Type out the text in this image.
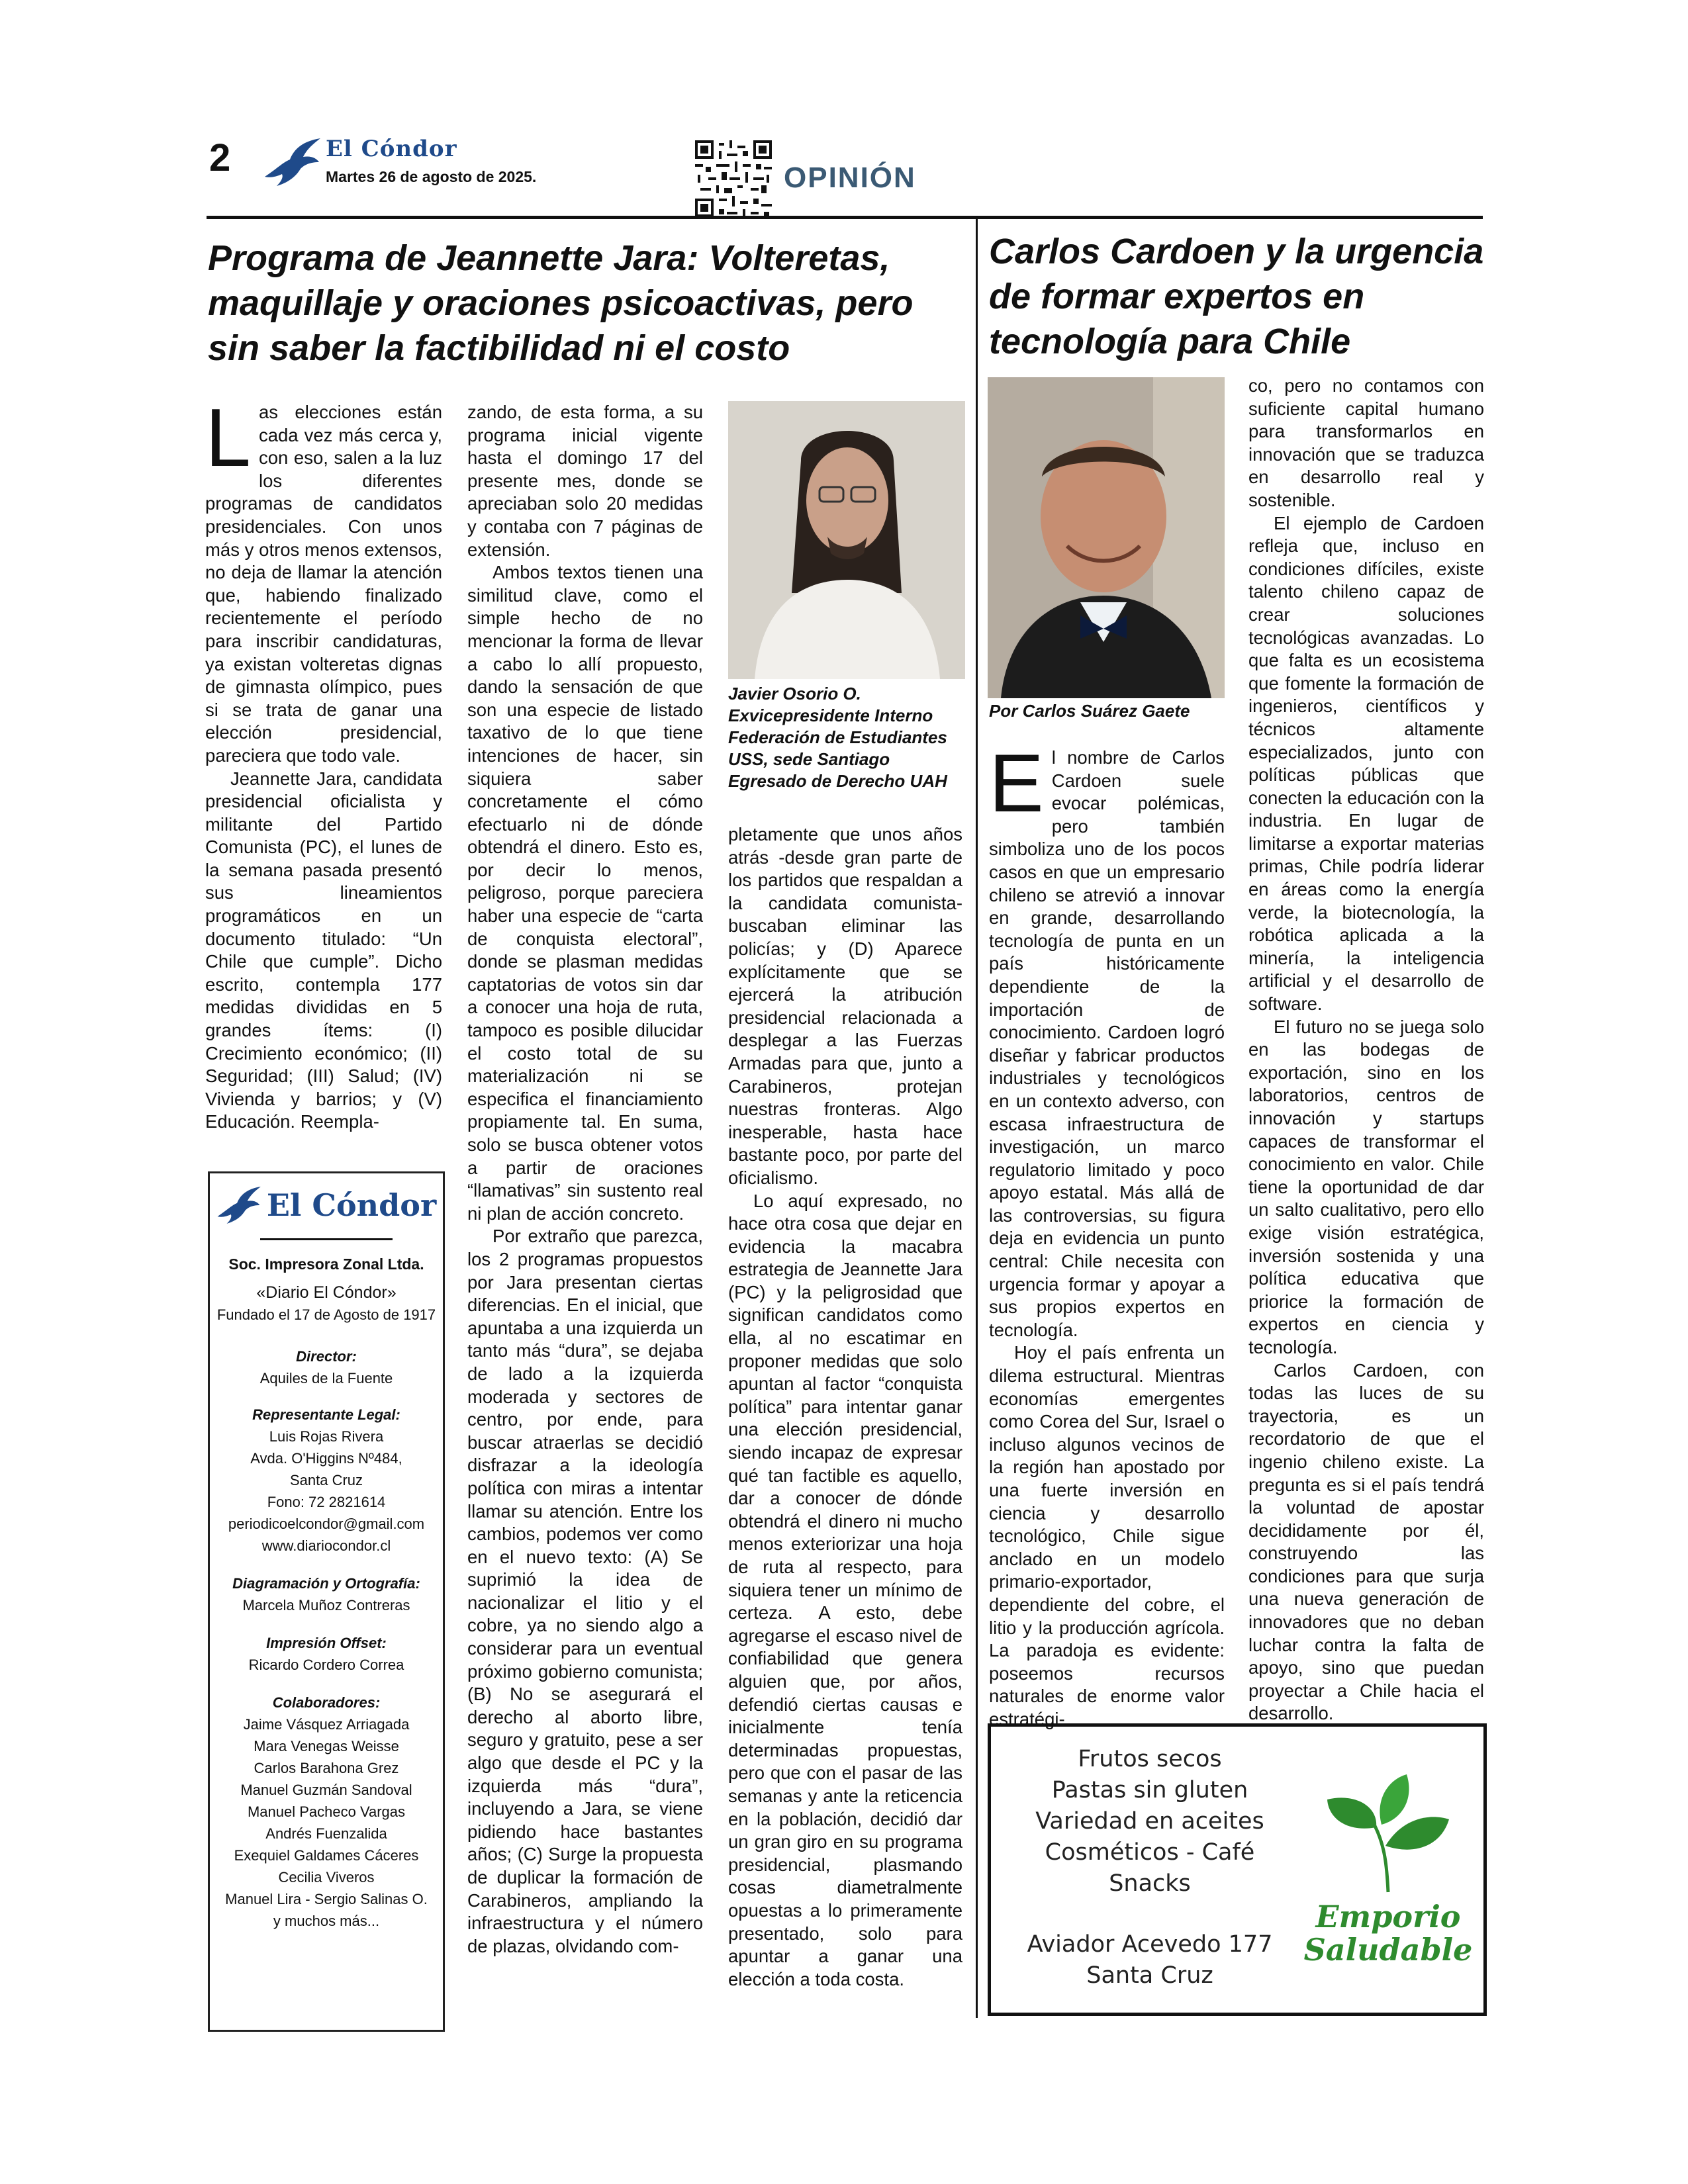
2	El Cóndor
Martes 26 de agosto de 2025.	OPINIÓN
Programa de Jeannette Jara: Volteretas, maquillaje y oraciones psicoactivas, pero sin saber la factibilidad ni el costo

Las elecciones están cada vez más cerca y, con eso, salen a la luz los diferentes programas de candidatos presidenciales. Con unos más y otros menos extensos, no deja de llamar la atención que, habiendo finalizado recientemente el período para inscribir candidaturas, ya existan volteretas dignas de gimnasta olímpico, pues si se trata de ganar una elección presidencial, pareciera que todo vale.

Jeannette Jara, candidata presidencial oficialista y militante del Partido Comunista (PC), el lunes de la semana pasada presentó sus lineamientos programáticos en un documento titulado: “Un Chile que cumple”. Dicho escrito, contempla 177 medidas divididas en 5 grandes ítems: (I) Crecimiento económico; (II) Seguridad; (III) Salud; (IV) Vivienda y barrios; y (V) Educación. Reempla-

El Cóndor
Soc. Impresora Zonal Ltda.
«Diario El Cóndor»
Fundado el 17 de Agosto de 1917
Director:
Aquiles de la Fuente
Representante Legal:
Luis Rojas Rivera
Avda. O'Higgins Nº484,
Santa Cruz
Fono: 72 2821614
periodicoelcondor@gmail.com
www.diariocondor.cl
Diagramación y Ortografía:
Marcela Muñoz Contreras
Impresión Offset:
Ricardo Cordero Correa
Colaboradores:
Jaime Vásquez Arriagada
Mara Venegas Weisse
Carlos Barahona Grez
Manuel Guzmán Sandoval
Manuel Pacheco Vargas
Andrés Fuenzalida
Exequiel Galdames Cáceres
Cecilia Viveros
Manuel Lira - Sergio Salinas O.
y muchos más...

zando, de esta forma, a su programa inicial vigente hasta el domingo 17 del presente mes, donde se apreciaban solo 20 medidas y contaba con 7 páginas de extensión.

Ambos textos tienen una similitud clave, como el simple hecho de no mencionar la forma de llevar a cabo lo allí propuesto, dando la sensación de que son una especie de listado taxativo de lo que tiene intenciones de hacer, sin siquiera saber concretamente el cómo efectuarlo ni de dónde obtendrá el dinero. Esto es, por decir lo menos, peligroso, porque pareciera haber una especie de “carta de conquista electoral”, donde se plasman medidas captatorias de votos sin dar a conocer una hoja de ruta, tampoco es posible dilucidar el costo total de su materialización ni se especifica el financiamiento propiamente tal. En suma, solo se busca obtener votos a partir de oraciones “llamativas” sin sustento real ni plan de acción concreto.

Por extraño que parezca, los 2 programas propuestos por Jara presentan ciertas diferencias. En el inicial, que apuntaba a una izquierda un tanto más “dura”, se dejaba de lado a la izquierda moderada y sectores de centro, por ende, para buscar atraerlas se decidió disfrazar a la ideología política con miras a intentar llamar su atención. Entre los cambios, podemos ver como en el nuevo texto: (A) Se suprimió la idea de nacionalizar el litio y el cobre, ya no siendo algo a considerar para un eventual próximo gobierno comunista; (B) No se asegurará el derecho al aborto libre, seguro y gratuito, pese a ser algo que desde el PC y la izquierda más “dura”, incluyendo a Jara, se viene pidiendo hace bastantes años; (C) Surge la propuesta de duplicar la formación de Carabineros, ampliando la infraestructura y el número de plazas, olvidando com-

Javier Osorio O.
Exvicepresidente Interno
Federación de Estudiantes
USS, sede Santiago
Egresado de Derecho UAH

pletamente que unos años atrás -desde gran parte de los partidos que respaldan a la candidata comunista- buscaban eliminar las policías; y (D) Aparece explícitamente que se ejercerá la atribución presidencial relacionada a desplegar a las Fuerzas Armadas para que, junto a Carabineros, protejan nuestras fronteras. Algo inesperable, hasta hace bastante poco, por parte del oficialismo.

Lo aquí expresado, no hace otra cosa que dejar en evidencia la macabra estrategia de Jeannette Jara (PC) y la peligrosidad que significan candidatos como ella, al no escatimar en proponer medidas que solo apuntan al factor “conquista política” para intentar ganar una elección presidencial, siendo incapaz de expresar qué tan factible es aquello, dar a conocer de dónde obtendrá el dinero ni mucho menos exteriorizar una hoja de ruta al respecto, para siquiera tener un mínimo de certeza. A esto, debe agregarse el escaso nivel de confiabilidad que genera alguien que, por años, defendió ciertas causas e inicialmente tenía determinadas propuestas, pero que con el pasar de las semanas y ante la reticencia en la población, decidió dar un gran giro en su programa presidencial, plasmando cosas diametralmente opuestas a lo primeramente presentado, solo para apuntar a ganar una elección a toda costa.

Carlos Cardoen y la urgencia de formar expertos en tecnología para Chile
Por Carlos Suárez Gaete

El nombre de Carlos Cardoen suele evocar polémicas, pero también simboliza uno de los pocos casos en que un empresario chileno se atrevió a innovar en grande, desarrollando tecnología de punta en un país históricamente dependiente de la importación de conocimiento. Cardoen logró diseñar y fabricar productos industriales y tecnológicos en un contexto adverso, con escasa infraestructura de investigación, un marco regulatorio limitado y poco apoyo estatal. Más allá de las controversias, su figura deja en evidencia un punto central: Chile necesita con urgencia formar y apoyar a sus propios expertos en tecnología.

Hoy el país enfrenta un dilema estructural. Mientras economías emergentes como Corea del Sur, Israel o incluso algunos vecinos de la región han apostado por una fuerte inversión en ciencia y desarrollo tecnológico, Chile sigue anclado en un modelo primario-exportador, dependiente del cobre, el litio y la producción agrícola. La paradoja es evidente: poseemos recursos naturales de enorme valor estratégi-

co, pero no contamos con suficiente capital humano para transformarlos en innovación que se traduzca en desarrollo real y sostenible.

El ejemplo de Cardoen refleja que, incluso en condiciones difíciles, existe talento chileno capaz de crear soluciones tecnológicas avanzadas. Lo que falta es un ecosistema que fomente la formación de ingenieros, científicos y técnicos altamente especializados, junto con políticas públicas que conecten la educación con la industria. En lugar de limitarse a exportar materias primas, Chile podría liderar en áreas como la energía verde, la biotecnología, la robótica aplicada a la minería, la inteligencia artificial y el desarrollo de software.

El futuro no se juega solo en las bodegas de exportación, sino en los laboratorios, centros de innovación y startups capaces de transformar el conocimiento en valor. Chile tiene la oportunidad de dar un salto cualitativo, pero ello exige visión estratégica, inversión sostenida y una política educativa que priorice la formación de expertos en ciencia y tecnología.

Carlos Cardoen, con todas las luces de su trayectoria, es un recordatorio de que el ingenio chileno existe. La pregunta es si el país tendrá la voluntad de apostar decididamente por él, construyendo las condiciones para que surja una nueva generación de innovadores que no deban luchar contra la falta de apoyo, sino que puedan proyectar a Chile hacia el desarrollo.

Frutos secos
Pastas sin gluten
Variedad en aceites
Cosméticos - Café
Snacks
Aviador Acevedo 177
Santa Cruz
Emporio
Saludable
